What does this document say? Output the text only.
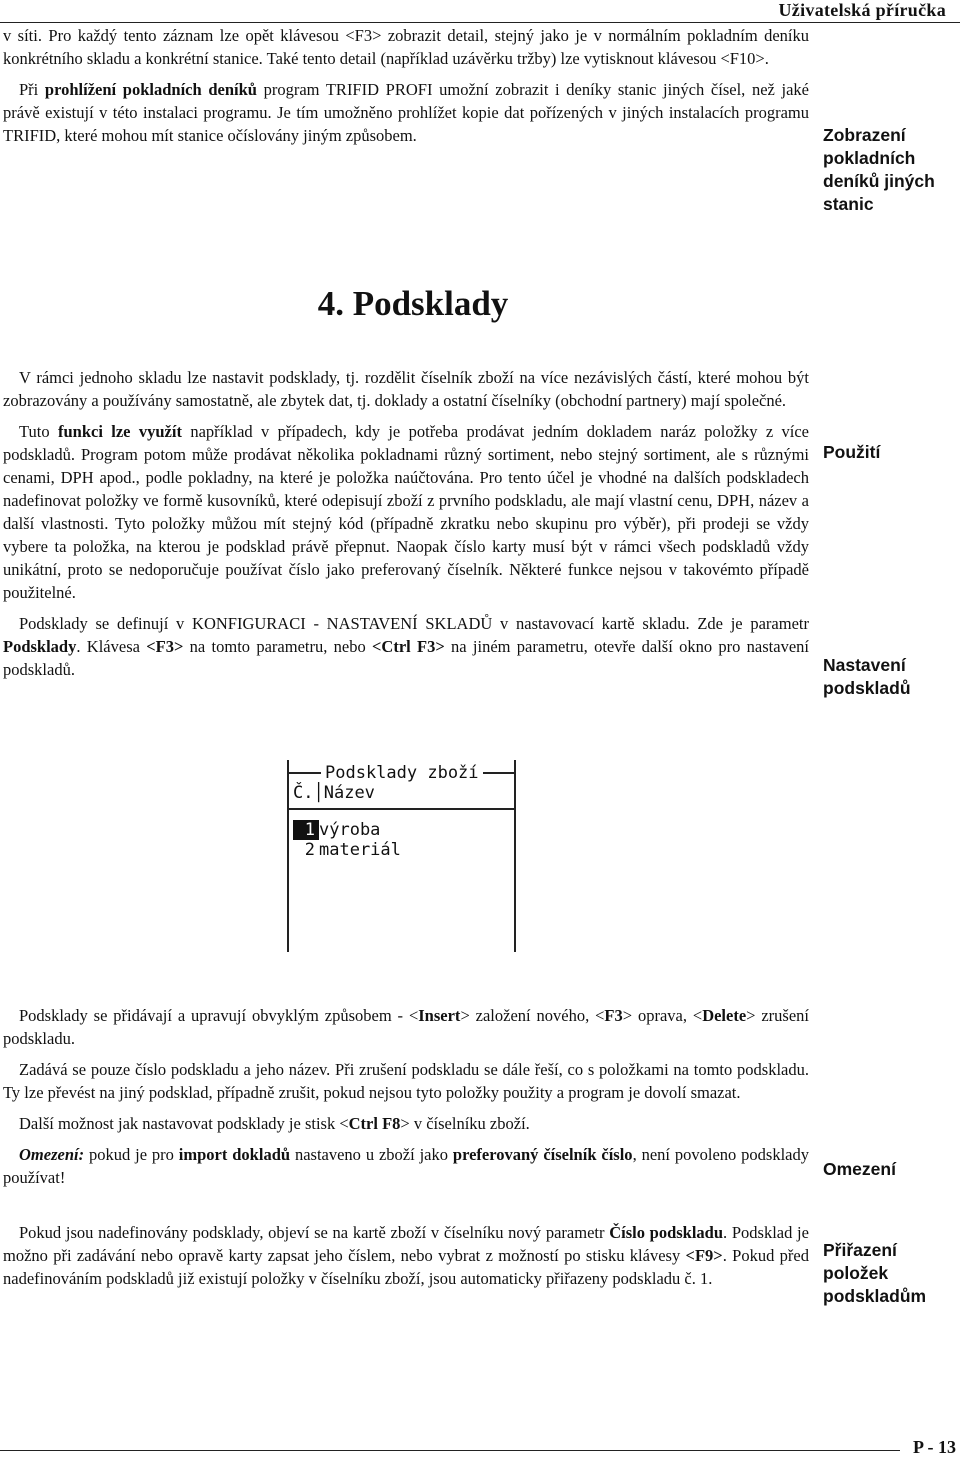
Uživatelská příručka

v síti. Pro každý tento záznam lze opět klávesou <F3> zobrazit detail, stejný jako je v normálním pokladním deníku konkrétního skladu a konkrétní stanice. Také tento detail (například uzávěrku tržby) lze vytisknout klávesou <F10>.

Při prohlížení pokladních deníků program TRIFID PROFI umožní zobrazit i deníky stanic jiných čísel, než jaké právě existují v této instalaci programu. Je tím umožněno prohlížet kopie dat pořízených v jiných instalacích programu TRIFID, které mohou mít stanice očíslovány jiným způsobem.	Zobrazení pokladních deníků jiných stanic
4. Podsklady

V rámci jednoho skladu lze nastavit podsklady, tj. rozdělit číselník zboží na více nezávislých částí, které mohou být zobrazovány a používány samostatně, ale zbytek dat, tj. doklady a ostatní číselníky (obchodní partnery) mají společné.

Tuto funkci lze využít například v případech, kdy je potřeba prodávat jedním dokladem naráz položky z více podskladů. Program potom může prodávat několika pokladnami různý sortiment, nebo stejný sortiment, ale s různými cenami, DPH apod., podle pokladny, na které je položka naúčtována. Pro tento účel je vhodné na dalších podskladech nadefinovat položky ve formě kusovníků, které odepisují zboží z prvního podskladu, ale mají vlastní cenu, DPH, název a další vlastnosti. Tyto položky můžou mít stejný kód (případně zkratku nebo skupinu pro výběr), při prodeji se vždy vybere ta položka, na kterou je podsklad právě přepnut. Naopak číslo karty musí být v rámci všech podskladů vždy unikátní, proto se nedoporučuje používat číslo jako preferovaný číselník. Některé funkce nejsou v takovémto případě použitelné.

Podsklady se definují v KONFIGURACI - NASTAVENÍ SKLADŮ v nastavovací kartě skladu. Zde je parametr Podsklady. Klávesa <F3> na tomto parametru, nebo <Ctrl F3> na jiném parametru, otevře další okno pro nastavení podskladů.

Použití
Nastavení podskladů
Podsklady zboží
Č.│Název
1 výroba
2 materiál

Podsklady se přidávají a upravují obvyklým způsobem - <Insert> založení nového, <F3> oprava, <Delete> zrušení podskladu.

Zadává se pouze číslo podskladu a jeho název. Při zrušení podskladu se dále řeší, co s položkami na tomto podskladu. Ty lze převést na jiný podsklad, případně zrušit, pokud nejsou tyto položky použity a program je dovolí smazat.

Další možnost jak nastavovat podsklady je stisk <Ctrl F8> v číselníku zboží.

Omezení: pokud je pro import dokladů nastaveno u zboží jako preferovaný číselník číslo, není povoleno podsklady používat!

Pokud jsou nadefinovány podsklady, objeví se na kartě zboží v číselníku nový parametr Číslo podskladu. Podsklad je možno při zadávání nebo opravě karty zapsat jeho číslem, nebo vybrat z možností po stisku klávesy <F9>. Pokud před nadefinováním podskladů již existují položky v číselníku zboží, jsou automaticky přiřazeny podskladu č. 1.

Omezení
Přiřazení položek podskladům
P - 13
